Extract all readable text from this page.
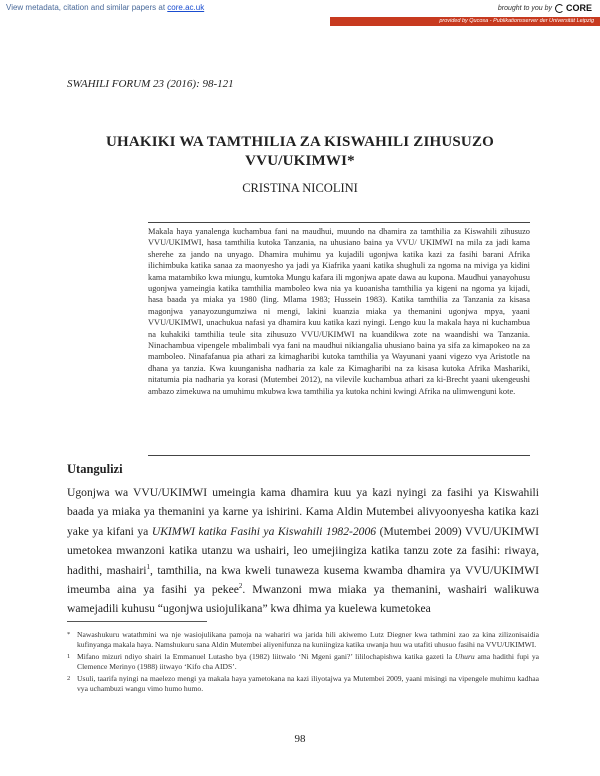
View metadata, citation and similar papers at core.ac.uk	brought to you by CORE
provided by Qucosa - Publikationsserver der Universität Leipzig
SWAHILI FORUM 23 (2016): 98-121
UHAKIKI WA TAMTHILIA ZA KISWAHILI ZIHUSUZO
VVU/UKIMWI*
CRISTINA NICOLINI
Makala haya yanalenga kuchambua fani na maudhui, muundo na dhamira za tamthilia za Kiswahili zihusuzo VVU/UKIMWI, hasa tamthilia kutoka Tanzania, na uhusiano baina ya VVU/ UKIMWI na mila za jadi kama sherehe za jando na unyago. Dhamira muhimu ya kujadili ugonjwa katika kazi za fasihi barani Afrika ilichimbuka katika sanaa za maonyesho ya jadi ya Kiafrika yaani katika shughuli za ngoma na miviga ya kidini kama matambiko kwa miungu, kumtoka Mungu kafara ili mgonjwa apate dawa au kupona. Maudhui yanayohusu ugonjwa yameingia katika tamthilia mamboleo kwa nia ya kuoanisha tamthilia ya kigeni na ngoma ya kijadi, hasa baada ya miaka ya 1980 (ling. Mlama 1983; Hussein 1983). Katika tamthilia za Tanzania za kisasa magonjwa yanayozungumziwa ni mengi, lakini kuanzia miaka ya themanini ugonjwa mpya, yaani VVU/UKIMWI, unachukua nafasi ya dhamira kuu katika kazi nyingi. Lengo kuu la makala haya ni kuchambua na kuhakiki tamthilia teule sita zihusuzo VVU/UKIMWI na kuandikwa zote na waandishi wa Tanzania. Ninachambua vipengele mbalimbali vya fani na maudhui nikiangalia uhusiano baina ya sifa za kimapokeo na za mamboleo. Ninafafanua pia athari za kimagharibi kutoka tamthilia ya Wayunani yaani vigezo vya Aristotle na dhana ya tanzia. Kwa kuunganisha nadharia za kale za Kimagharibi na za kisasa kutoka Afrika Mashariki, nitatumia pia nadharia ya korasi (Mutembei 2012), na vilevile kuchambua athari za ki-Brecht yaani ukengeushi ambazo zimekuwa na umuhimu mkubwa kwa tamthilia ya kutoka nchini kwingi Afrika na ulimwenguni kote.
Utangulizi
Ugonjwa wa VVU/UKIMWI umeingia kama dhamira kuu ya kazi nyingi za fasihi ya Kiswahili baada ya miaka ya themanini ya karne ya ishirini. Kama Aldin Mutembei alivyoonyesha katika kazi yake ya kifani ya UKIMWI katika Fasihi ya Kiswahili 1982-2006 (Mutembei 2009) VVU/UKIMWI umetokea mwanzoni katika utanzu wa ushairi, leo umejiingiza katika tanzu zote za fasihi: riwaya, hadithi, mashairi$^1$, tamthilia, na kwa kweli tunaweza kusema kwamba dhamira ya VVU/UKIMWI imeumba aina ya fasihi ya pekee$^2$. Mwanzoni mwa miaka ya themanini, washairi walikuwa wamejadili kuhusu “ugonjwa usiojulikana” kwa dhima ya kuelewa kumetokea
* Nawashukuru watathmini wa nje wasiojulikana pamoja na wahariri wa jarida hili akiwemo Lutz Diegner kwa tathmini zao za kina zilizonisaidia kufinyanga makala haya. Namshukuru sana Aldin Mutembei aliyenifunza na kuniingiza katika uwanja huu wa utafiti uhusuo fasihi na VVU/UKIMWI.
1 Mifano mizuri ndiyo shairi la Emmanuel Lutasho bya (1982) liitwalo ‘Ni Mgeni gani?’ lililochapishwa katika gazeti la Uhuru ama hadithi fupi ya Clemence Merinyo (1988) iitwayo ‘Kifo cha AIDS’.
2 Usuli, taarifa nyingi na maelezo mengi ya makala haya yametokana na kazi iliyotajwa ya Mutembei 2009, yaani misingi na vipengele muhimu kadhaa vya uchambuzi wangu vimo humo humo.
98
